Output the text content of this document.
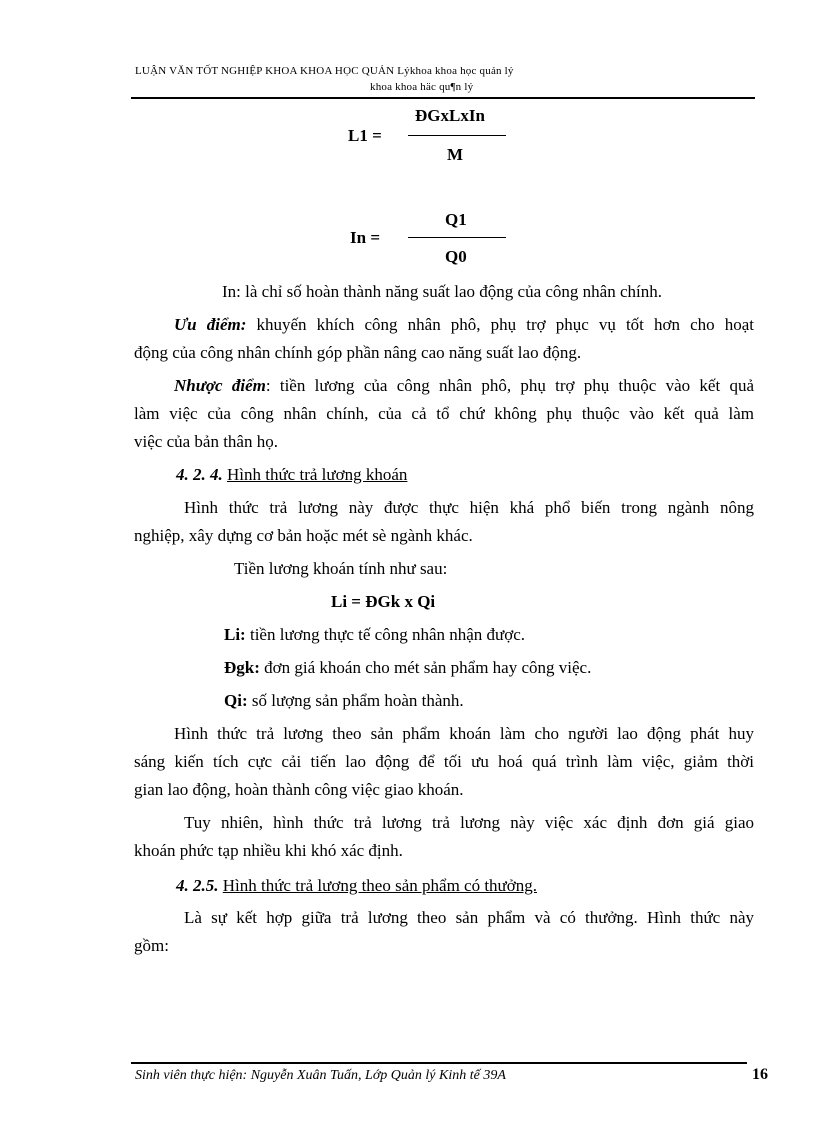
LUẬN VĂN TỐT NGHIỆP KHOA KHOA HỌC QUẢN Lýkhoa khoa học quản lý
khoa khoa häc qu¶n lý
L1 =
ĐGxLxIn
M
In =
Q1
Q0
In: là chỉ số hoàn thành năng suất lao động của công nhân chính.
Ưu điểm: khuyến khích công nhân phô, phụ trợ phục vụ tốt hơn cho hoạt
động của công nhân chính góp phần nâng cao năng suất lao động.
Nhược điểm: tiền lương của công nhân phô, phụ trợ phụ thuộc vào kết quả
làm việc của công nhân chính, của cả tổ chứ không phụ thuộc vào kết quả làm
việc của bản thân họ.
4. 2. 4. Hình thức trả lương khoán
Hình thức trả lương này được thực hiện khá phổ biến trong ngành nông
nghiệp, xây dựng cơ bản hoặc mét sè ngành khác.
Tiền lương khoán tính như sau:
Li = ĐGk x Qi
Li: tiền lương thực tế công nhân nhận được.
Đgk: đơn giá khoán cho mét sản phẩm hay công việc.
Qi: số lượng sản phẩm hoàn thành.
Hình thức trả lương theo sản phẩm khoán làm cho người lao động phát huy
sáng kiến tích cực cải tiến lao động để tối ưu hoá quá trình làm việc, giảm thời
gian lao động, hoàn thành công việc giao khoán.
Tuy nhiên, hình thức trả lương trả lương này việc xác định đơn giá giao
khoán phức tạp nhiều khi khó xác định.
4. 2.5. Hình thức trả lương theo sản phẩm có thưởng.
Là sự kết hợp giữa trả lương theo sản phẩm và có thưởng. Hình thức này
gồm:
Sinh viên thực hiện: Nguyễn Xuân Tuấn, Lớp Quản lý Kinh tế 39A	16
